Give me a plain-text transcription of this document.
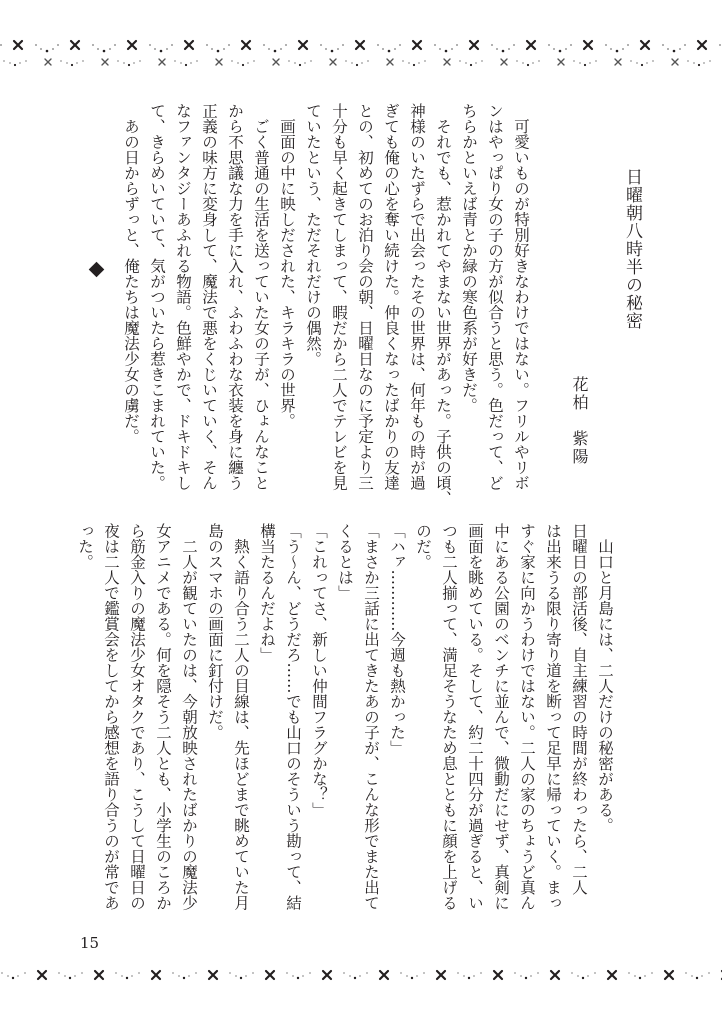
日曜朝八時半の秘密
花柏　紫陽
　可愛いものが特別好きなわけではない。フリルやリボ
ンはやっぱり女の子の方が似合うと思う。色だって、ど
ちらかといえば青とか緑の寒色系が好きだ。
　それでも、惹かれてやまない世界があった。子供の頃、
神様のいたずらで出会ったその世界は、何年もの時が過
ぎても俺の心を奪い続けた。仲良くなったばかりの友達
との、初めてのお泊り会の朝、日曜日なのに予定より三
十分も早く起きてしまって、暇だから二人でテレビを見
ていたという、ただそれだけの偶然。
　画面の中に映しだされた、キラキラの世界。
　ごく普通の生活を送っていた女の子が、ひょんなこと
から不思議な力を手に入れ、ふわふわな衣装を身に纏う
正義の味方に変身して、魔法で悪をくじいていく、そん
なファンタジーあふれる物語。色鮮やかで、ドキドキし
て、きらめいていて、気がついたら惹きこまれていた。
　あの日からずっと、俺たちは魔法少女の虜だ。
　山口と月島には、二人だけの秘密がある。
日曜日の部活後、自主練習の時間が終わったら、二人
は出来うる限り寄り道を断って足早に帰っていく。まっ
すぐ家に向かうわけではない。二人の家のちょうど真ん
中にある公園のベンチに並んで、微動だにせず、真剣に
画面を眺めている。そして、約二十四分が過ぎると、い
つも二人揃って、満足そうなため息とともに顔を上げる
のだ。
「ハァ…………今週も熱かった」
「まさか三話に出てきたあの子が、こんな形でまた出て
くるとは」
「これってさ、新しい仲間フラグかな？」
「う〜ん、どうだろ……でも山口のそういう勘って、結
構当たるんだよね」
　熱く語り合う二人の目線は、先ほどまで眺めていた月
島のスマホの画面に釘付けだ。
　二人が観ていたのは、今朝放映されたばかりの魔法少
女アニメである。何を隠そう二人とも、小学生のころか
ら筋金入りの魔法少女オタクであり、こうして日曜日の
夜は二人で鑑賞会をしてから感想を語り合うのが常であ
った。
15
